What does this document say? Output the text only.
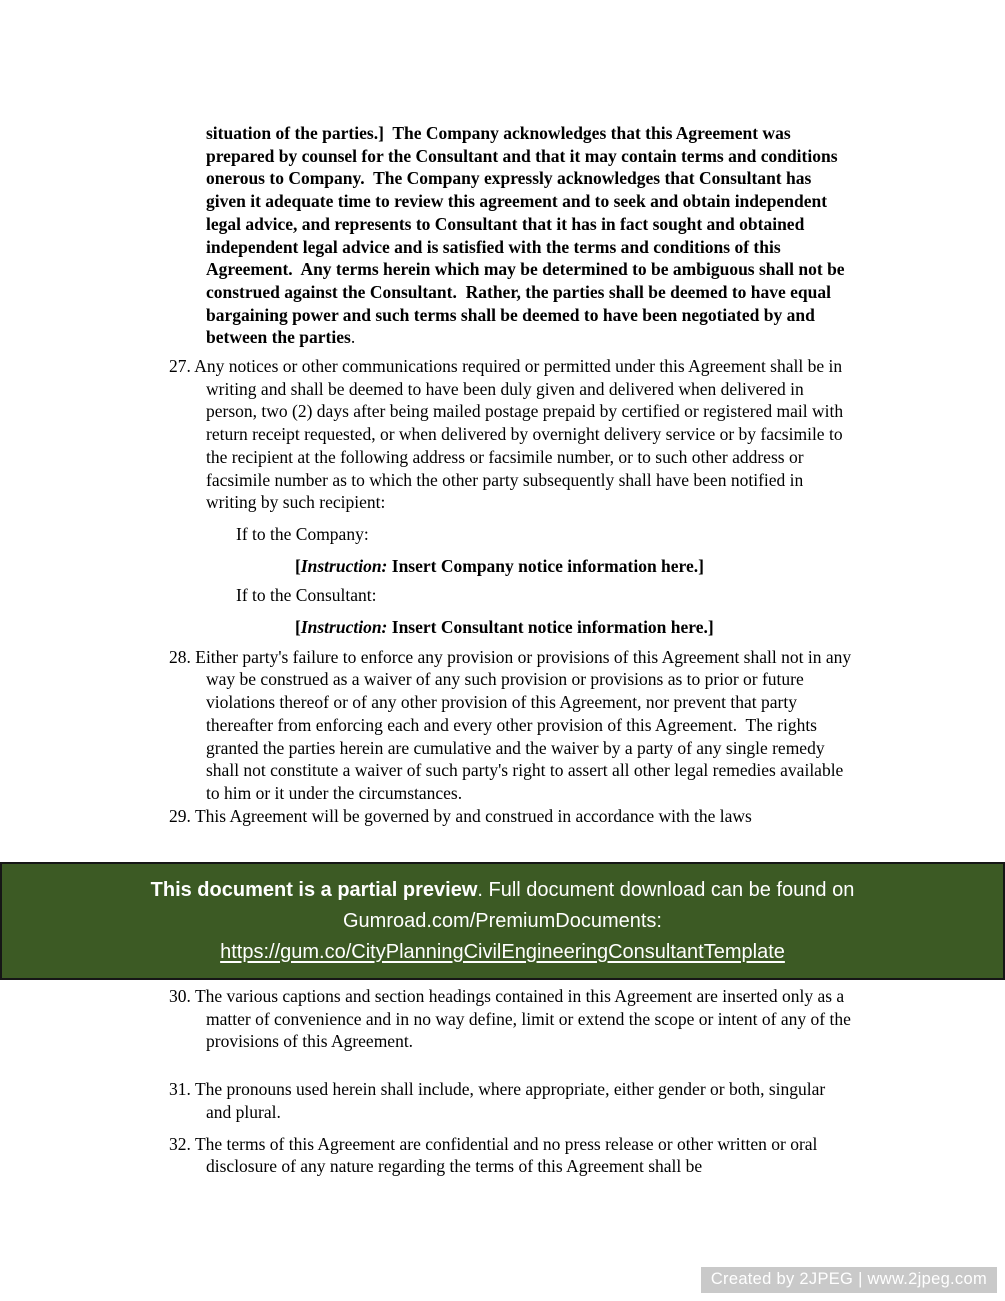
situation of the parties.]  The Company acknowledges that this Agreement was prepared by counsel for the Consultant and that it may contain terms and conditions onerous to Company.  The Company expressly acknowledges that Consultant has given it adequate time to review this agreement and to seek and obtain independent legal advice, and represents to Consultant that it has in fact sought and obtained independent legal advice and is satisfied with the terms and conditions of this Agreement.  Any terms herein which may be determined to be ambiguous shall not be construed against the Consultant.  Rather, the parties shall be deemed to have equal bargaining power and such terms shall be deemed to have been negotiated by and between the parties.

27. Any notices or other communications required or permitted under this Agreement shall be in writing and shall be deemed to have been duly given and delivered when delivered in person, two (2) days after being mailed postage prepaid by certified or registered mail with return receipt requested, or when delivered by overnight delivery service or by facsimile to the recipient at the following address or facsimile number, or to such other address or facsimile number as to which the other party subsequently shall have been notified in writing by such recipient:

If to the Company:

[Instruction: Insert Company notice information here.]

If to the Consultant:

[Instruction: Insert Consultant notice information here.]

28. Either party's failure to enforce any provision or provisions of this Agreement shall not in any way be construed as a waiver of any such provision or provisions as to prior or future violations thereof or of any other provision of this Agreement, nor prevent that party thereafter from enforcing each and every other provision of this Agreement.  The rights granted the parties herein are cumulative and the waiver by a party of any single remedy shall not constitute a waiver of such party's right to assert all other legal remedies available to him or it under the circumstances.

29. This Agreement will be governed by and construed in accordance with the laws

30. The various captions and section headings contained in this Agreement are inserted only as a matter of convenience and in no way define, limit or extend the scope or intent of any of the provisions of this Agreement.

31. The pronouns used herein shall include, where appropriate, either gender or both, singular and plural.

32. The terms of this Agreement are confidential and no press release or other written or oral disclosure of any nature regarding the terms of this Agreement shall be

This document is a partial preview. Full document download can be found on
Gumroad.com/PremiumDocuments:
https://gum.co/CityPlanningCivilEngineeringConsultantTemplate
Created by 2JPEG | www.2jpeg.com
